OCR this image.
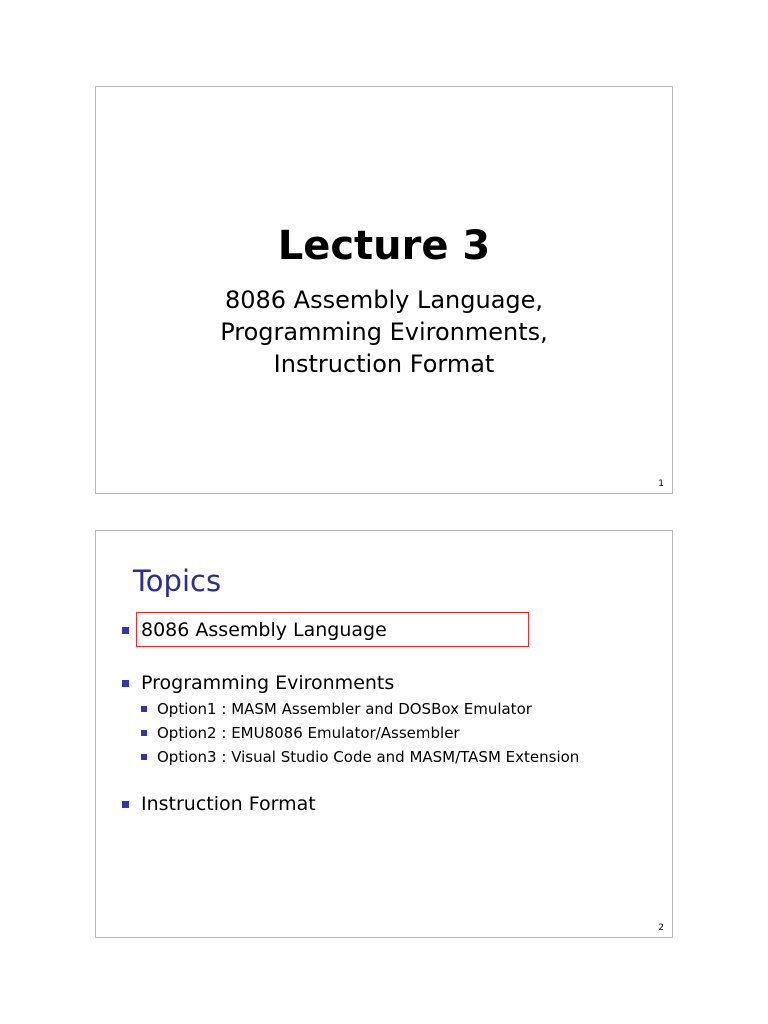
Lecture 3
8086 Assembly Language,
Programming Evironments,
Instruction Format
1
Topics
8086 Assembly Language
Programming Evironments
Option1 : MASM Assembler and DOSBox Emulator
Option2 : EMU8086 Emulator/Assembler
Option3 : Visual Studio Code and MASM/TASM Extension
Instruction Format
2
